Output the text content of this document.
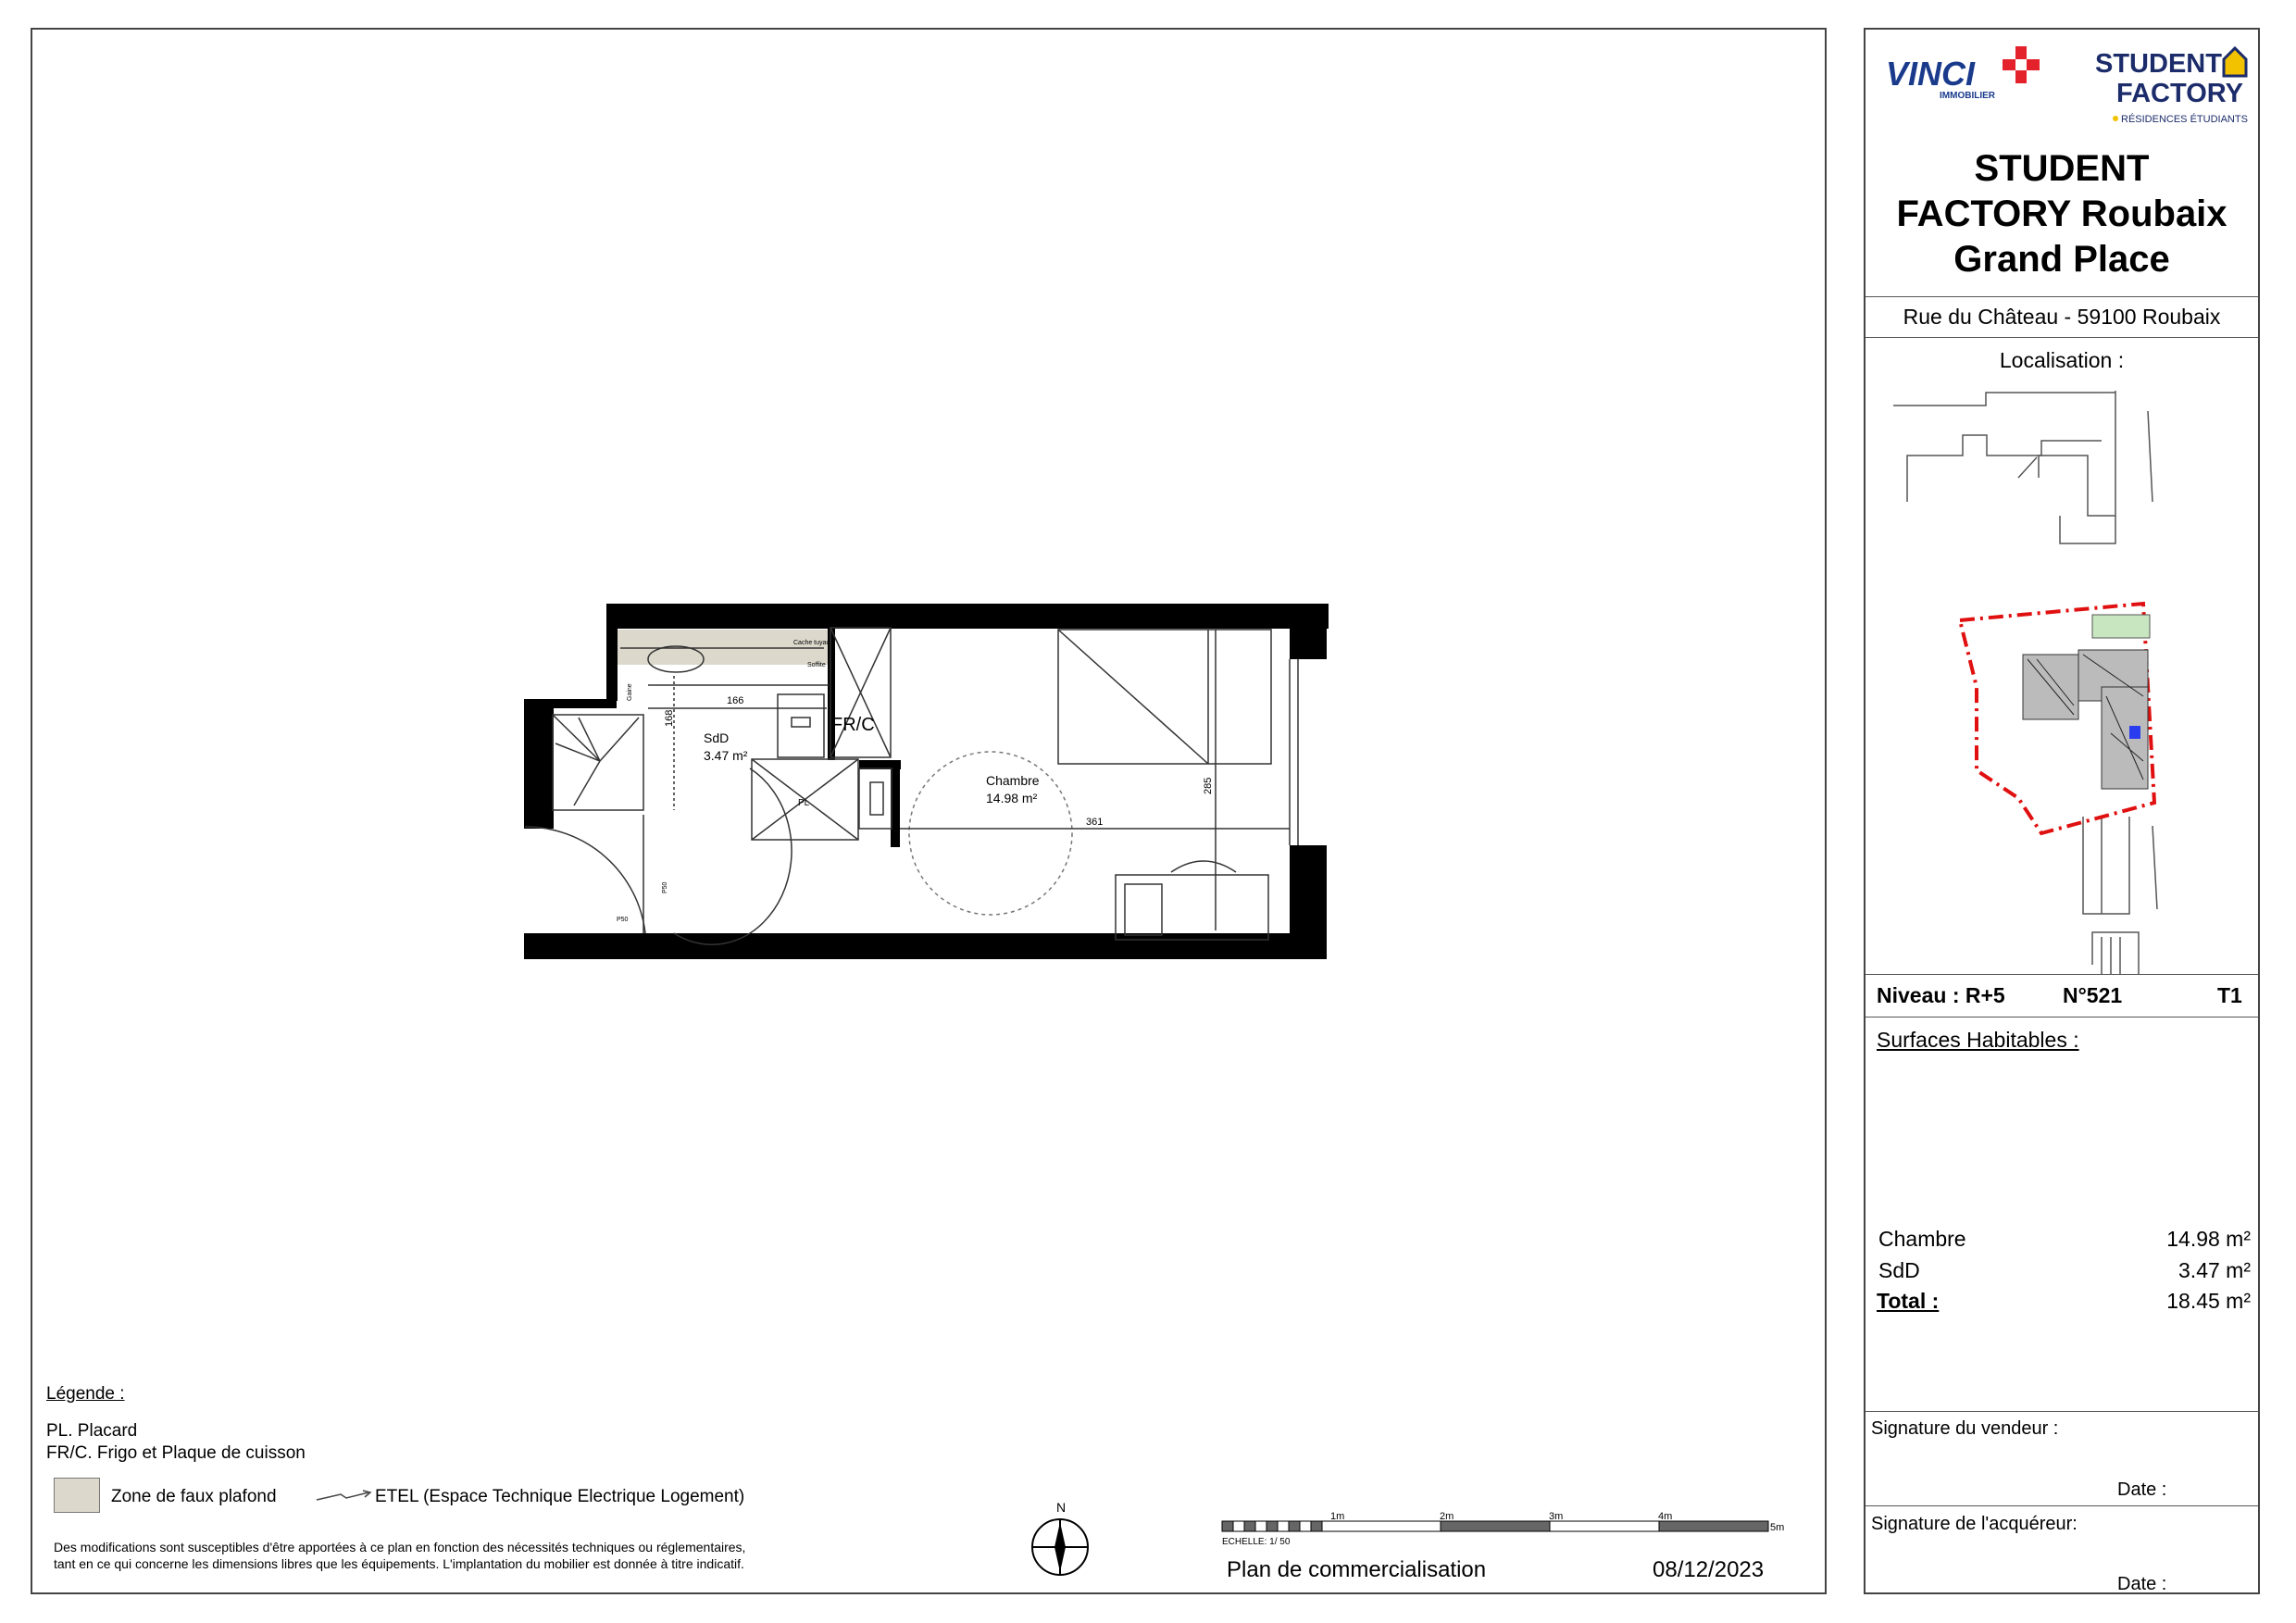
SdD
3.47 m²
Chambre
14.98 m²
FR/C
PL
Cache tuyau
Soffite
Gaine
P50
P50
166
168
361
285
Légende :
PL. Placard
FR/C. Frigo et Plaque de cuisson
Zone de faux plafond	ETEL (Espace Technique Electrique Logement)
Des modifications sont susceptibles d'être apportées à ce plan en fonction des nécessités techniques ou réglementaires,
tant en ce qui concerne les dimensions libres que les équipements. L'implantation du mobilier est donnée à titre indicatif.
N
1m	2m	3m	4m
5m
ECHELLE: 1/ 50
Plan de commercialisation	08/12/2023
VINCI
IMMOBILIER
STUDENT
FACTORY
RÉSIDENCES ÉTUDIANTS
STUDENT
FACTORY Roubaix
Grand Place
Rue du Château - 59100 Roubaix
Localisation :
Niveau : R+5	N°521	T1
Surfaces Habitables :
Chambre	14.98 m²
SdD	3.47 m²
Total :	18.45 m²
Signature du vendeur :
Date :
Signature de l'acquéreur:
Date :
